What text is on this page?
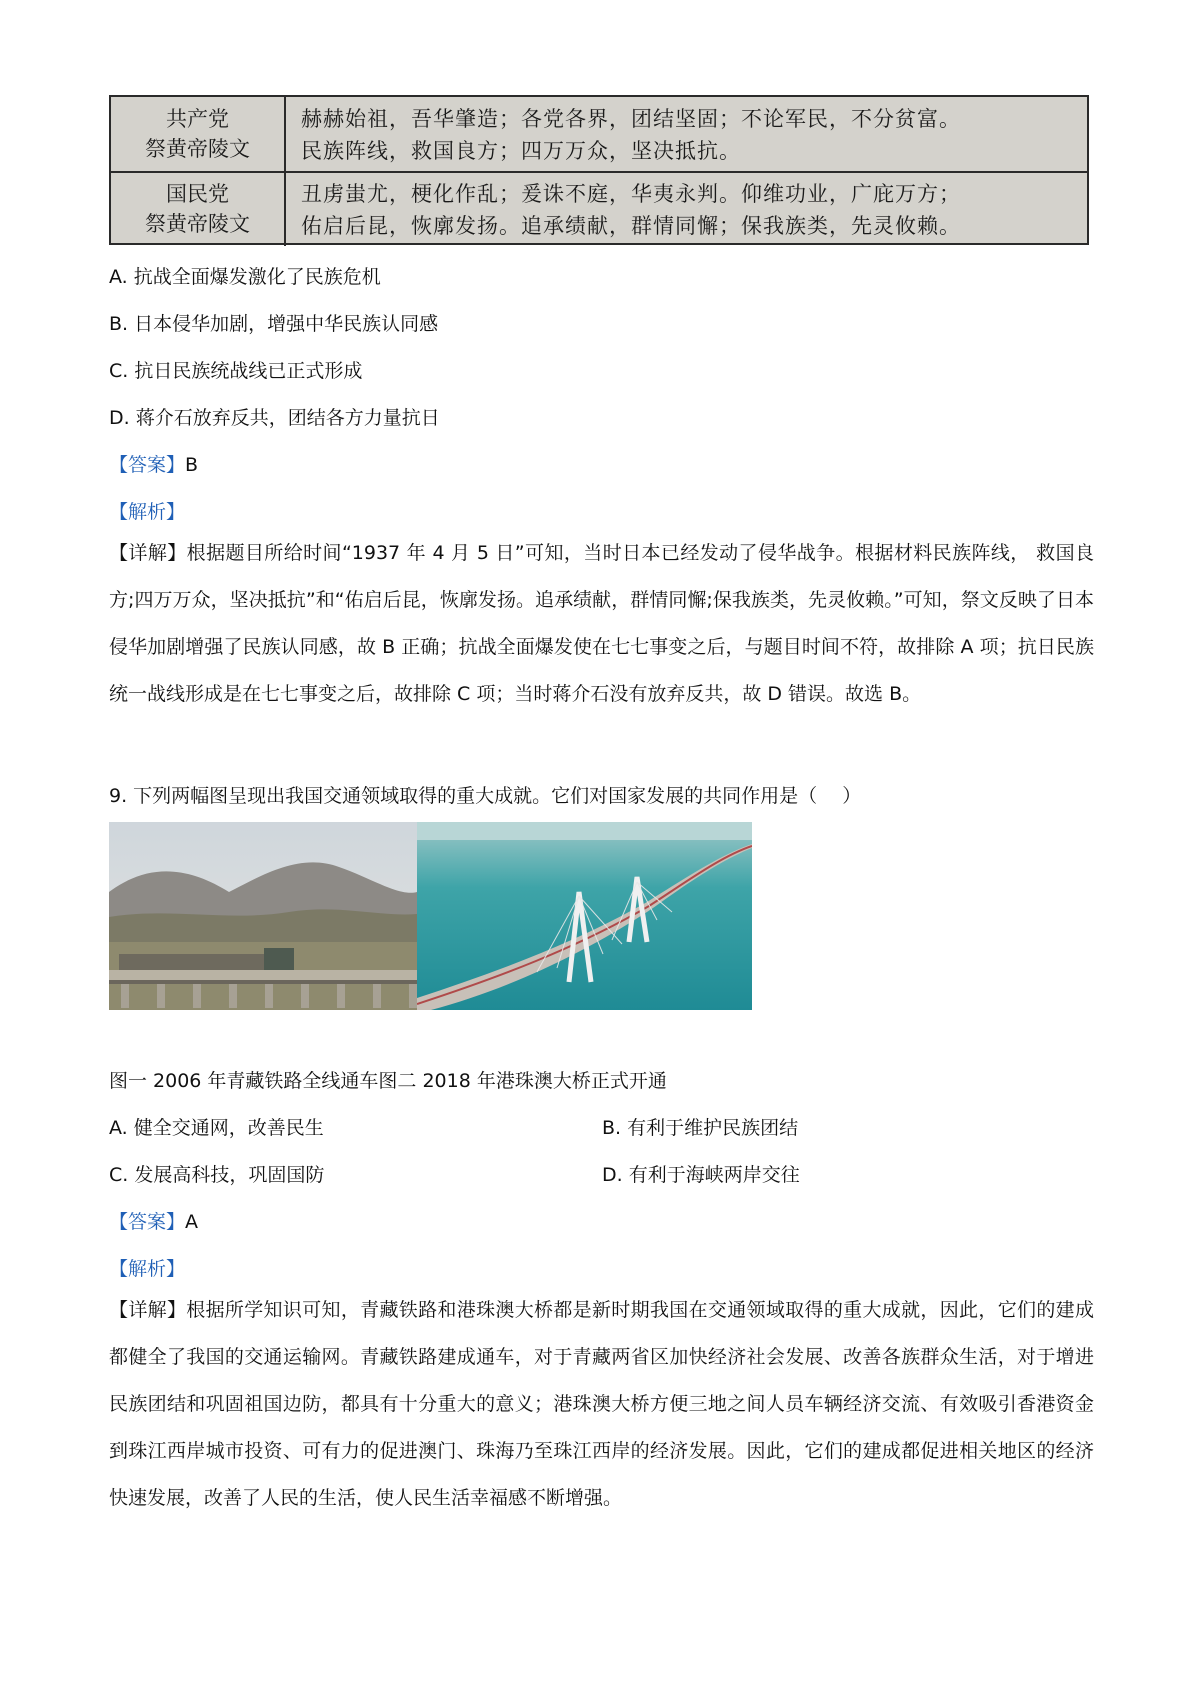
共产党
祭黄帝陵文
赫赫始祖，吾华肇造；各党各界，团结坚固；不论军民，不分贫富。
民族阵线，救国良方；四万万众，坚决抵抗。
国民党
祭黄帝陵文
丑虏蚩尤，梗化作乱；爰诛不庭，华夷永判。仰维功业，广庇万方；
佑启后昆，恢廓发扬。追承绩献，群情同懈；保我族类，先灵攸赖。
A. 抗战全面爆发激化了民族危机
B. 日本侵华加剧，增强中华民族认同感
C. 抗日民族统战线已正式形成
D. 蒋介石放弃反共，团结各方力量抗日
【答案】B
【解析】
【详解】根据题目所给时间“1937 年 4 月 5 日”可知，当时日本已经发动了侵华战争。根据材料民族阵线， 救国良方;四万万众，坚决抵抗”和“佑启后昆，恢廓发扬。追承绩献，群情同懈;保我族类，先灵攸赖。”可知，祭文反映了日本侵华加剧增强了民族认同感，故 B 正确；抗战全面爆发使在七七事变之后，与题目时间不符，故排除 A 项；抗日民族统一战线形成是在七七事变之后，故排除 C 项；当时蒋介石没有放弃反共，故 D 错误。故选 B。
9. 下列两幅图呈现出我国交通领域取得的重大成就。它们对国家发展的共同作用是（　 ）
图一 2006 年青藏铁路全线通车图二 2018 年港珠澳大桥正式开通
A. 健全交通网，改善民生	B. 有利于维护民族团结
C. 发展高科技，巩固国防	D. 有利于海峡两岸交往
【答案】A
【解析】
【详解】根据所学知识可知，青藏铁路和港珠澳大桥都是新时期我国在交通领域取得的重大成就，因此，它们的建成都健全了我国的交通运输网。青藏铁路建成通车，对于青藏两省区加快经济社会发展、改善各族群众生活，对于增进民族团结和巩固祖国边防，都具有十分重大的意义；港珠澳大桥方便三地之间人员车辆经济交流、有效吸引香港资金到珠江西岸城市投资、可有力的促进澳门、珠海乃至珠江西岸的经济发展。因此，它们的建成都促进相关地区的经济快速发展，改善了人民的生活，使人民生活幸福感不断增强。
